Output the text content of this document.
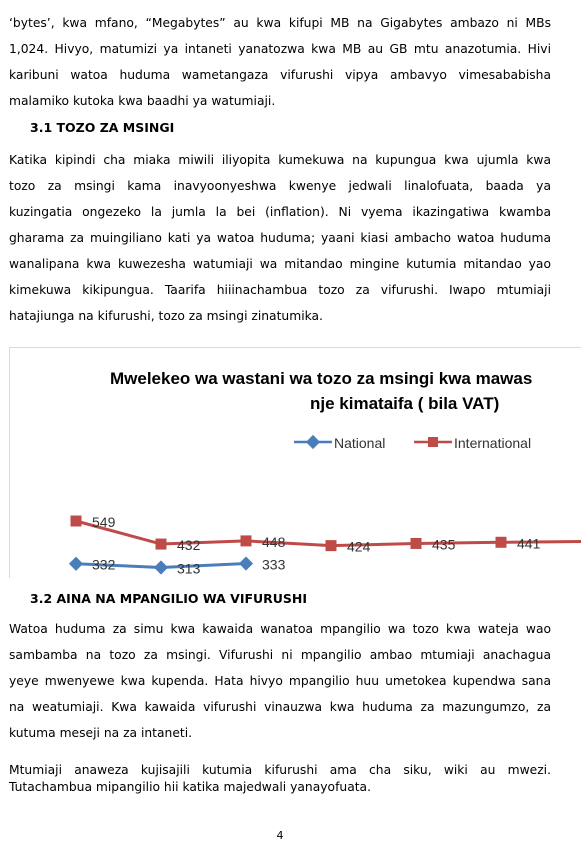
‘bytes’, kwa mfano, “Megabytes” au kwa kifupi MB na Gigabytes ambazo ni MBs
1,024. Hivyo, matumizi ya intaneti yanatozwa kwa MB au GB mtu anazotumia. Hivi
karibuni watoa huduma wametangaza vifurushi vipya ambavyo vimesababisha
malamiko kutoka kwa baadhi ya watumiaji.
3.1 TOZO ZA MSINGI
Katika kipindi cha miaka miwili iliyopita kumekuwa na kupungua kwa ujumla kwa
tozo za msingi kama inavyoonyeshwa kwenye jedwali linalofuata, baada ya
kuzingatia ongezeko la jumla la bei (inflation). Ni vyema ikazingatiwa kwamba
gharama za muingiliano kati ya watoa huduma; yaani kiasi ambacho watoa huduma
wanalipana kwa kuwezesha watumiaji wa mitandao mingine kutumia mitandao yao
kimekuwa kikipungua. Taarifa hiiinachambua tozo za vifurushi. Iwapo mtumiaji
hatajiunga na kifurushi, tozo za msingi zinatumika.
Mwelekeo wa wastani wa tozo za msingi kwa mawas
nje kimataifa ( bila VAT)
National	International
332	313	333
549
432	448	424	435	441
3.2 AINA NA MPANGILIO WA VIFURUSHI
Watoa huduma za simu kwa kawaida wanatoa mpangilio wa tozo kwa wateja wao
sambamba na tozo za msingi. Vifurushi ni mpangilio ambao mtumiaji anachagua
yeye mwenyewe kwa kupenda. Hata hivyo mpangilio huu umetokea kupendwa sana
na weatumiaji. Kwa kawaida vifurushi vinauzwa kwa huduma za mazungumzo, za
kutuma meseji na za intaneti.
Mtumiaji anaweza kujisajili kutumia kifurushi ama cha siku, wiki au mwezi.
Tutachambua mipangilio hii katika majedwali yanayofuata.
4
